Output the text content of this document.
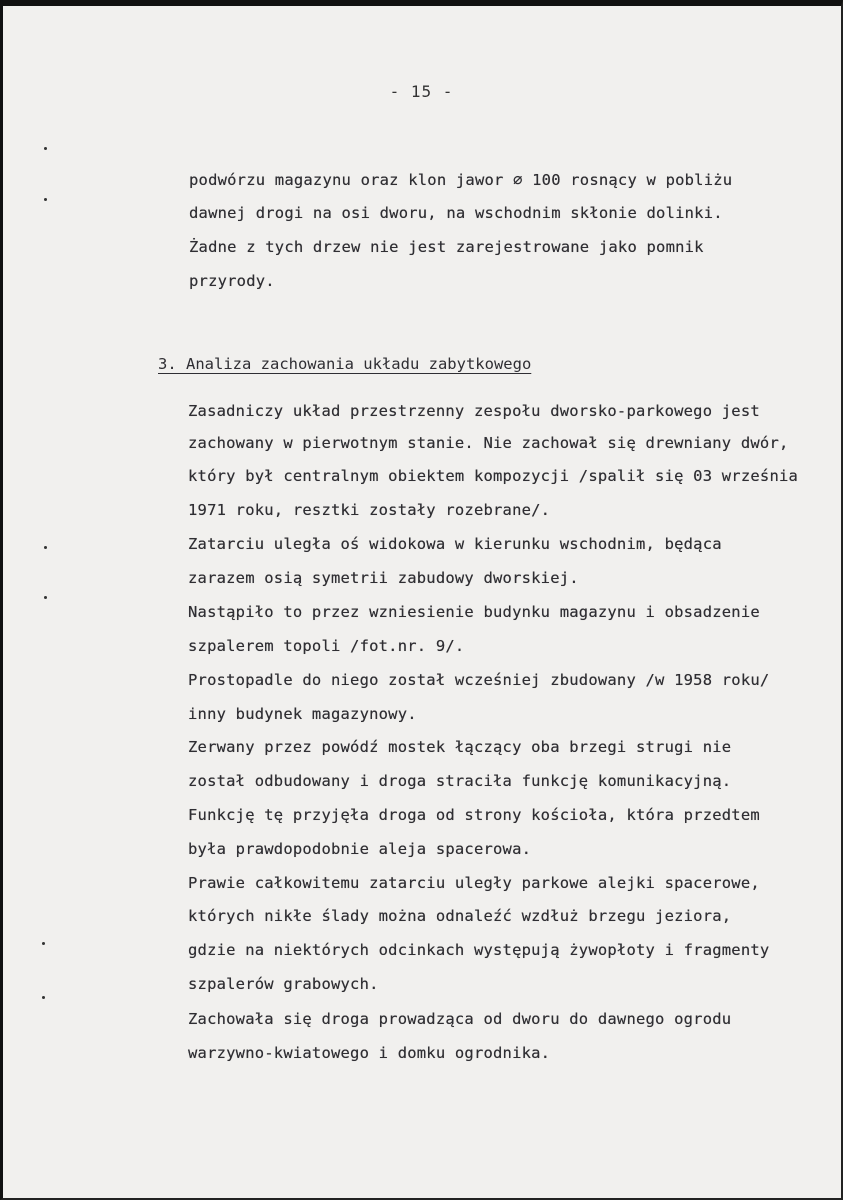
- 15 -
podwórzu magazynu oraz klon jawor ∅ 100 rosnący w pobliżu
dawnej drogi na osi dworu, na wschodnim skłonie dolinki.
Żadne z tych drzew nie jest zarejestrowane jako pomnik
przyrody.
3. Analiza zachowania układu zabytkowego
Zasadniczy układ przestrzenny zespołu dworsko-parkowego jest
zachowany w pierwotnym stanie. Nie zachował się drewniany dwór,
który był centralnym obiektem kompozycji /spalił się 03 września
1971 roku, resztki zostały rozebrane/.
Zatarciu uległa oś widokowa w kierunku wschodnim, będąca
zarazem osią symetrii zabudowy dworskiej.
Nastąpiło to przez wzniesienie budynku magazynu i obsadzenie
szpalerem topoli /fot.nr. 9/.
Prostopadle do niego został wcześniej zbudowany /w 1958 roku/
inny budynek magazynowy.
Zerwany przez powódź mostek łączący oba brzegi strugi nie
został odbudowany i droga straciła funkcję komunikacyjną.
Funkcję tę przyjęła droga od strony kościoła, która przedtem
była prawdopodobnie aleja spacerowa.
Prawie całkowitemu zatarciu uległy parkowe alejki spacerowe,
których nikłe ślady można odnaleźć wzdłuż brzegu jeziora,
gdzie na niektórych odcinkach występują żywopłoty i fragmenty
szpalerów grabowych.
Zachowała się droga prowadząca od dworu do dawnego ogrodu
warzywno-kwiatowego i domku ogrodnika.
